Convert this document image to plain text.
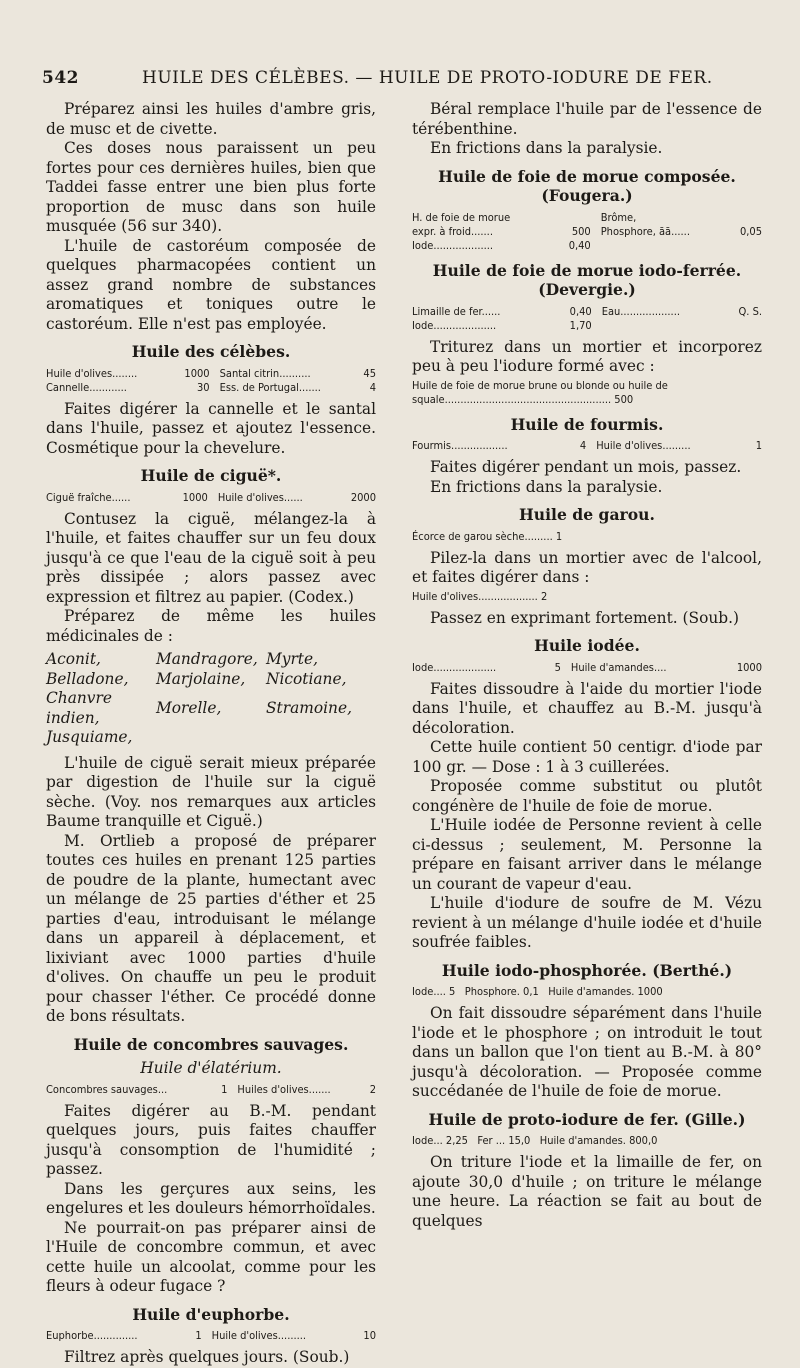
542	HUILE DES CÉLÈBES. — HUILE DE PROTO-IODURE DE FER.

Préparez ainsi les huiles d'ambre gris, de musc et de civette.

Ces doses nous paraissent un peu fortes pour ces dernières huiles, bien que Taddei fasse entrer une bien plus forte proportion de musc dans son huile musquée (56 sur 340).

L'huile de castoréum composée de quelques pharmacopées contient un assez grand nombre de substances aromatiques et toniques outre le castoréum. Elle n'est pas employée.

Huile des célèbes.
Huile d'olives........	1000	Santal citrin..........	45
Cannelle............	30	Ess. de Portugal.......	4

Faites digérer la cannelle et le santal dans l'huile, passez et ajoutez l'essence. Cosmétique pour la chevelure.

Huile de ciguë*.
Ciguë fraîche......	1000	Huile d'olives......	2000

Contusez la ciguë, mélangez-la à l'huile, et faites chauffer sur un feu doux jusqu'à ce que l'eau de la ciguë soit à peu près dissipée ; alors passez avec expression et filtrez au papier. (Codex.)

Préparez de même les huiles médicinales de :

Aconit,	Mandragore,	Myrte,
Belladone,	Marjolaine,	Nicotiane,
Chanvre indien,	Morelle,	Stramoine,
Jusquiame,		

L'huile de ciguë serait mieux préparée par digestion de l'huile sur la ciguë sèche. (Voy. nos remarques aux articles Baume tranquille et Ciguë.)

M. Ortlieb a proposé de préparer toutes ces huiles en prenant 125 parties de poudre de la plante, humectant avec un mélange de 25 parties d'éther et 25 parties d'eau, introduisant le mélange dans un appareil à déplacement, et lixiviant avec 1000 parties d'huile d'olives. On chauffe un peu le produit pour chasser l'éther. Ce procédé donne de bons résultats.

Huile de concombres sauvages.
Huile d'élatérium.
Concombres sauvages...	1	Huiles d'olives.......	2

Faites digérer au B.-M. pendant quelques jours, puis faites chauffer jusqu'à consomption de l'humidité ; passez.

Dans les gerçures aux seins, les engelures et les douleurs hémorrhoïdales.

Ne pourrait-on pas préparer ainsi de l'Huile de concombre commun, et avec cette huile un alcoolat, comme pour les fleurs à odeur fugace ?

Huile d'euphorbe.
Euphorbe..............	1	Huile d'olives.........	10

Filtrez après quelques jours. (Soub.)

Béral remplace l'huile par de l'essence de térébenthine.

En frictions dans la paralysie.

Huile de foie de morue composée. (Fougera.)
H. de foie de morue		Brôme,	
expr. à froid.......	500	Phosphore, āā......	0,05
Iode...................	0,40		
Huile de foie de morue iodo-ferrée. (Devergie.)
Limaille de fer......	0,40	Eau...................	Q. S.
Iode....................	1,70		

Triturez dans un mortier et incorporez peu à peu l'iodure formé avec :

Huile de foie de morue brune ou blonde ou huile de squale..................................................... 500
Huile de fourmis.
Fourmis..................	4	Huile d'olives.........	1

Faites digérer pendant un mois, passez.

En frictions dans la paralysie.

Huile de garou.
Écorce de garou sèche......... 1

Pilez-la dans un mortier avec de l'alcool, et faites digérer dans :

Huile d'olives................... 2

Passez en exprimant fortement. (Soub.)

Huile iodée.
Iode....................	5	Huile d'amandes....	1000

Faites dissoudre à l'aide du mortier l'iode dans l'huile, et chauffez au B.-M. jusqu'à décoloration.

Cette huile contient 50 centigr. d'iode par 100 gr. — Dose : 1 à 3 cuillerées.

Proposée comme substitut ou plutôt congénère de l'huile de foie de morue.

L'Huile iodée de Personne revient à celle ci-dessus ; seulement, M. Personne la prépare en faisant arriver dans le mélange un courant de vapeur d'eau.

L'huile d'iodure de soufre de M. Vézu revient à un mélange d'huile iodée et d'huile soufrée faibles.

Huile iodo-phosphorée. (Berthé.)
Iode.... 5   Phosphore. 0,1   Huile d'amandes. 1000

On fait dissoudre séparément dans l'huile l'iode et le phosphore ; on introduit le tout dans un ballon que l'on tient au B.-M. à 80° jusqu'à décoloration. — Proposée comme succédanée de l'huile de foie de morue.

Huile de proto-iodure de fer. (Gille.)
Iode... 2,25   Fer ... 15,0   Huile d'amandes. 800,0

On triture l'iode et la limaille de fer, on ajoute 30,0 d'huile ; on triture le mélange une heure. La réaction se fait au bout de quelques
